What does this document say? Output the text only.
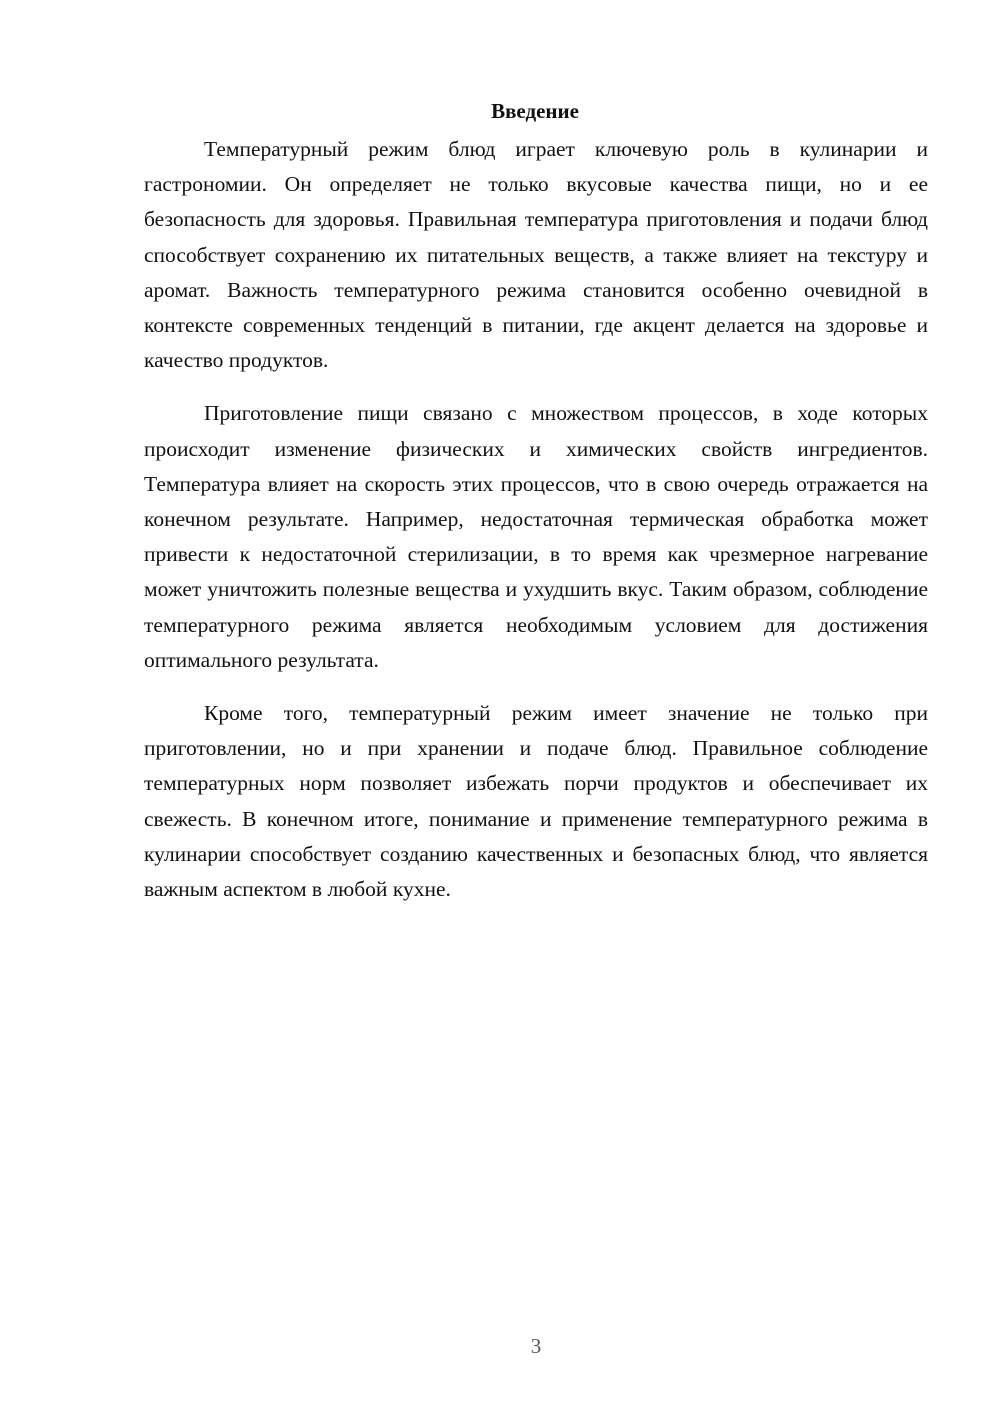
Введение

Температурный режим блюд играет ключевую роль в кулинарии и гастрономии. Он определяет не только вкусовые качества пищи, но и ее безопасность для здоровья. Правильная температура приготовления и подачи блюд способствует сохранению их питательных веществ, а также влияет на текстуру и аромат. Важность температурного режима становится особенно очевидной в контексте современных тенденций в питании, где акцент делается на здоровье и качество продуктов.

Приготовление пищи связано с множеством процессов, в ходе которых происходит изменение физических и химических свойств ингредиентов. Температура влияет на скорость этих процессов, что в свою очередь отражается на конечном результате. Например, недостаточная термическая обработка может привести к недостаточной стерилизации, в то время как чрезмерное нагревание может уничтожить полезные вещества и ухудшить вкус. Таким образом, соблюдение температурного режима является необходимым условием для достижения оптимального результата.

Кроме того, температурный режим имеет значение не только при приготовлении, но и при хранении и подаче блюд. Правильное соблюдение температурных норм позволяет избежать порчи продуктов и обеспечивает их свежесть. В конечном итоге, понимание и применение температурного режима в кулинарии способствует созданию качественных и безопасных блюд, что является важным аспектом в любой кухне.

3
